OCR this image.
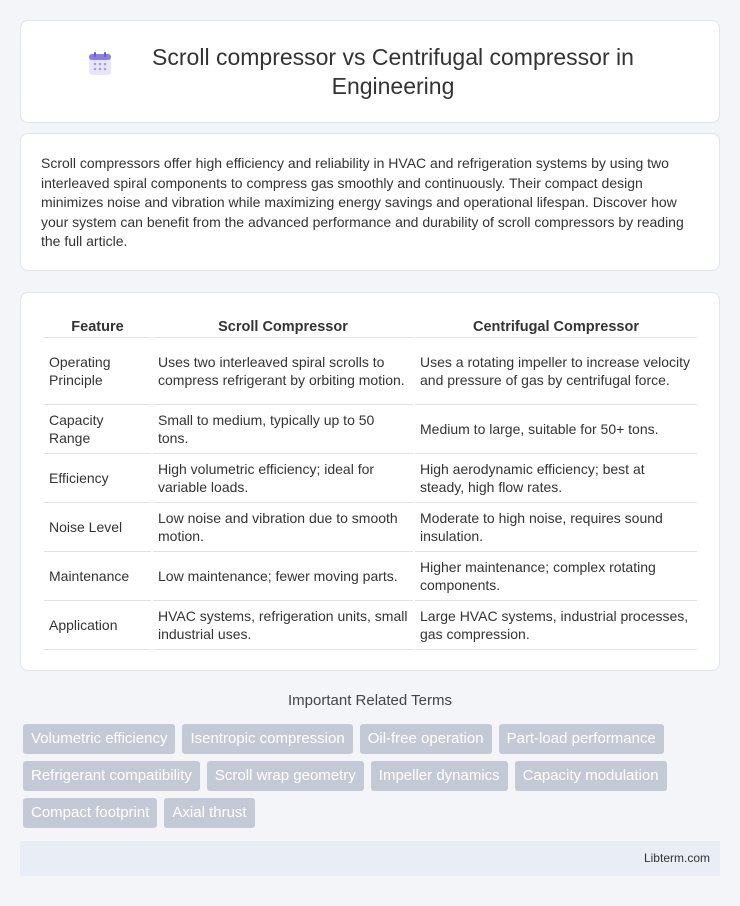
Scroll compressor vs Centrifugal compressor in Engineering

Scroll compressors offer high efficiency and reliability in HVAC and refrigeration systems by using two interleaved spiral components to compress gas smoothly and continuously. Their compact design minimizes noise and vibration while maximizing energy savings and operational lifespan. Discover how your system can benefit from the advanced performance and durability of scroll compressors by reading the full article.

Feature	Scroll Compressor	Centrifugal Compressor
Operating Principle	Uses two interleaved spiral scrolls to compress refrigerant by orbiting motion.	Uses a rotating impeller to increase velocity and pressure of gas by centrifugal force.
Capacity Range	Small to medium, typically up to 50 tons.	Medium to large, suitable for 50+ tons.
Efficiency	High volumetric efficiency; ideal for variable loads.	High aerodynamic efficiency; best at steady, high flow rates.
Noise Level	Low noise and vibration due to smooth motion.	Moderate to high noise, requires sound insulation.
Maintenance	Low maintenance; fewer moving parts.	Higher maintenance; complex rotating components.
Application	HVAC systems, refrigeration units, small industrial uses.	Large HVAC systems, industrial processes, gas compression.
Important Related Terms
Volumetric efficiency	Isentropic compression	Oil-free operation	Part-load performance
Refrigerant compatibility	Scroll wrap geometry	Impeller dynamics	Capacity modulation
Compact footprint	Axial thrust
Libterm.com
